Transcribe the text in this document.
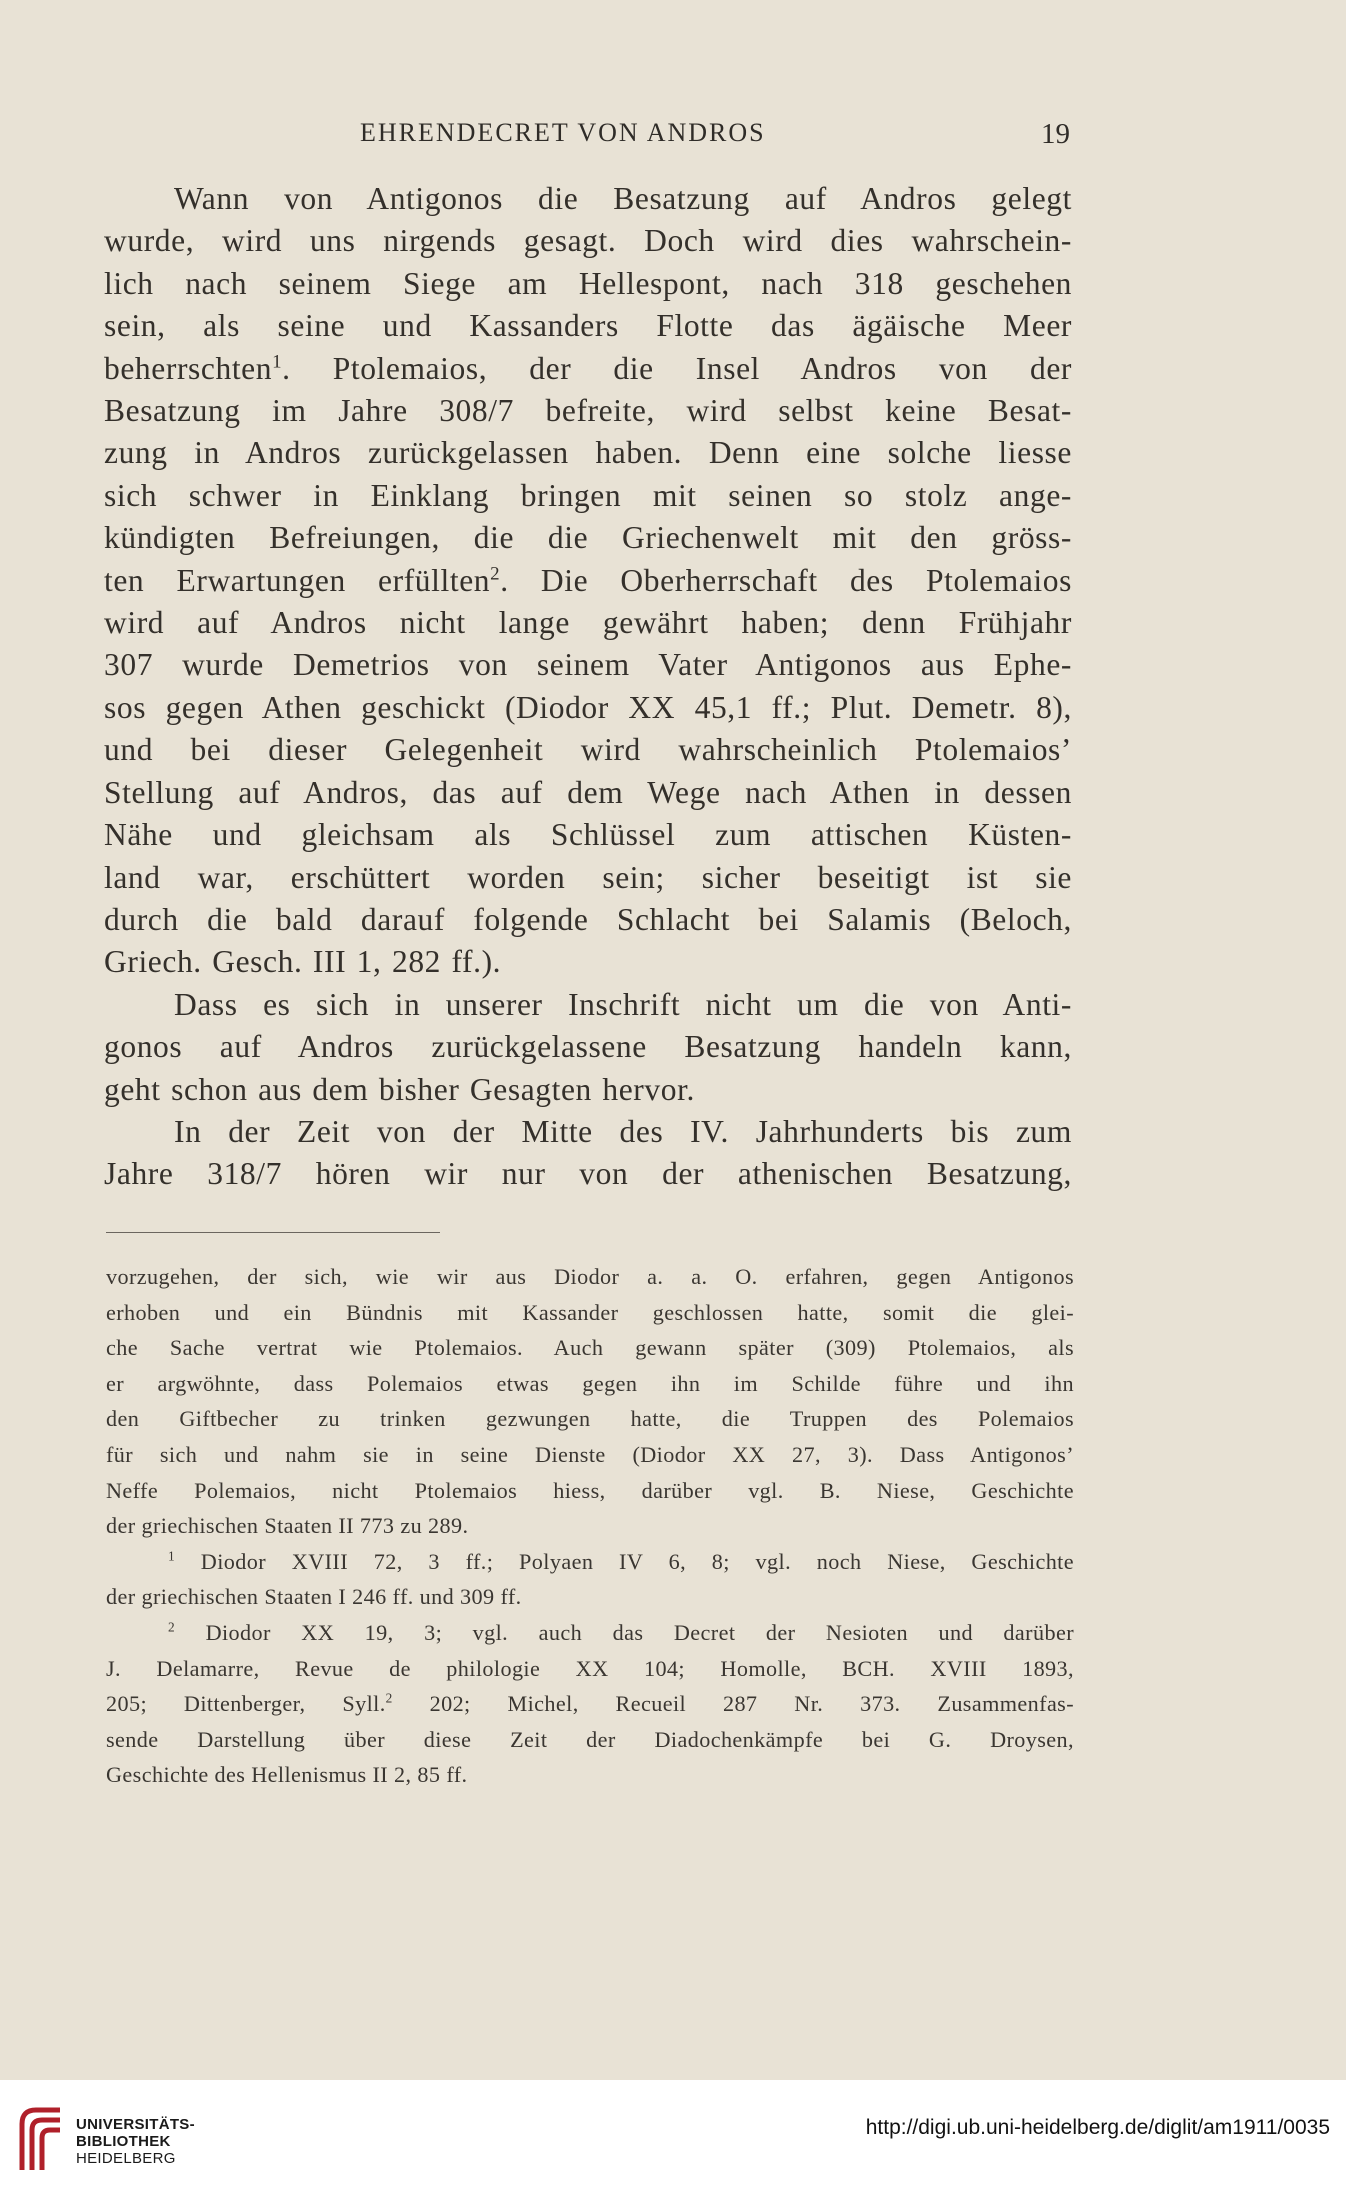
EHRENDECRET VON ANDROS	19
Wann von Antigonos die Besatzung auf Andros gelegt
wurde, wird uns nirgends gesagt. Doch wird dies wahrschein-
lich nach seinem Siege am Hellespont, nach 318 geschehen
sein, als seine und Kassanders Flotte das ägäische Meer
beherrschten$^1$. Ptolemaios, der die Insel Andros von der
Besatzung im Jahre 308/7 befreite, wird selbst keine Besat-
zung in Andros zurückgelassen haben. Denn eine solche liesse
sich schwer in Einklang bringen mit seinen so stolz ange-
kündigten Befreiungen, die die Griechenwelt mit den gröss-
ten Erwartungen erfüllten$^2$. Die Oberherrschaft des Ptolemaios
wird auf Andros nicht lange gewährt haben; denn Frühjahr
307 wurde Demetrios von seinem Vater Antigonos aus Ephe-
sos gegen Athen geschickt (Diodor XX 45,1 ff.; Plut. Demetr. 8),
und bei dieser Gelegenheit wird wahrscheinlich Ptolemaios’
Stellung auf Andros, das auf dem Wege nach Athen in dessen
Nähe und gleichsam als Schlüssel zum attischen Küsten-
land war, erschüttert worden sein; sicher beseitigt ist sie
durch die bald darauf folgende Schlacht bei Salamis (Beloch,
Griech. Gesch. III 1, 282 ff.).
Dass es sich in unserer Inschrift nicht um die von Anti-
gonos auf Andros zurückgelassene Besatzung handeln kann,
geht schon aus dem bisher Gesagten hervor.
In der Zeit von der Mitte des IV. Jahrhunderts bis zum
Jahre 318/7 hören wir nur von der athenischen Besatzung,
vorzugehen, der sich, wie wir aus Diodor a. a. O. erfahren, gegen Antigonos
erhoben und ein Bündnis mit Kassander geschlossen hatte, somit die glei-
che Sache vertrat wie Ptolemaios. Auch gewann später (309) Ptolemaios, als
er argwöhnte, dass Polemaios etwas gegen ihn im Schilde führe und ihn
den Giftbecher zu trinken gezwungen hatte, die Truppen des Polemaios
für sich und nahm sie in seine Dienste (Diodor XX 27, 3). Dass Antigonos’
Neffe Polemaios, nicht Ptolemaios hiess, darüber vgl. B. Niese, Geschichte
der griechischen Staaten II 773 zu 289.
$^1$ Diodor XVIII 72, 3 ff.; Polyaen IV 6, 8; vgl. noch Niese, Geschichte
der griechischen Staaten I 246 ff. und 309 ff.
$^2$ Diodor XX 19, 3; vgl. auch das Decret der Nesioten und darüber
J. Delamarre, Revue de philologie XX 104; Homolle, BCH. XVIII 1893,
205; Dittenberger, Syll.$^2$ 202; Michel, Recueil 287 Nr. 373. Zusammenfas-
sende Darstellung über diese Zeit der Diadochenkämpfe bei G. Droysen,
Geschichte des Hellenismus II 2, 85 ff.
UNIVERSITÄTS-
BIBLIOTHEK
HEIDELBERG
http://digi.ub.uni-heidelberg.de/diglit/am1911/0035
